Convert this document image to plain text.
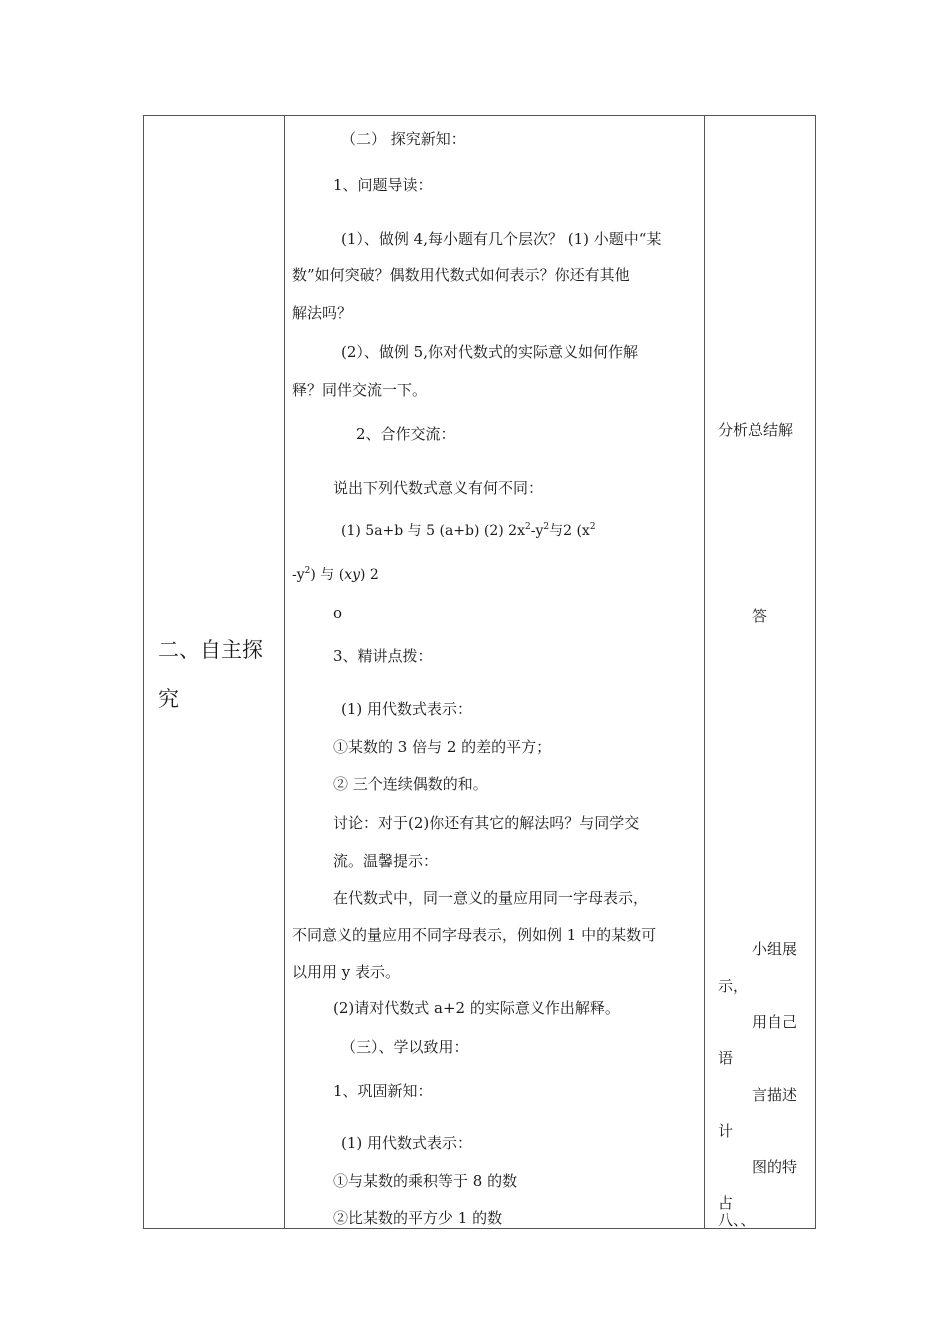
二、自主探
究
（二） 探究新知：
1、问题导读：
(1）、做例 4,每小题有几个层次？ (1) 小题中“某
数”如何突破？偶数用代数式如何表示？你还有其他
解法吗？
(2）、做例 5,你对代数式的实际意义如何作解
释？同伴交流一下。
2、合作交流：
说出下列代数式意义有何不同：
(1) 5a+b 与 5 (a+b) (2) $2x^2-y^2$与2 ($x^2$
$-y^2$) 与 (xy) 2
o
3、精讲点拨：
(1) 用代数式表示：
①某数的 3 倍与 2 的差的平方；
② 三个连续偶数的和。
讨论：对于(2)你还有其它的解法吗？与同学交
流。温馨提示：
在代数式中，同一意义的量应用同一字母表示，
不同意义的量应用不同字母表示，例如例 1 中的某数可
以用用 y 表示。
(2)请对代数式 a+2 的实际意义作出解释。
（三）、学以致用：
1、巩固新知：
(1) 用代数式表示：
①与某数的乘积等于 8 的数
②比某数的平方少 1 的数
分析总结解
答
小组展
示，
用自己
语
言描述
计
图的特
占
八、、
